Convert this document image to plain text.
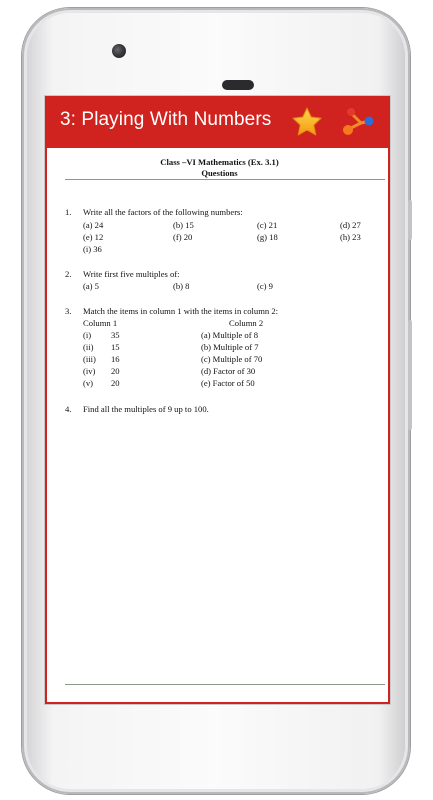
3: Playing With Numbers
Class –VI Mathematics (Ex. 3.1)
Questions
1. Write all the factors of the following numbers:
(a) 24	(b) 15	(c) 21	(d) 27
(e) 12	(f) 20	(g) 18	(h) 23
(i) 36
2. Write first five multiples of:
(a) 5	(b) 8	(c) 9
3. Match the items in column 1 with the items in column 2:
Column 1	Column 2
(i) 35	(a) Multiple of 8
(ii) 15	(b) Multiple of 7
(iii) 16	(c) Multiple of 70
(iv) 20	(d) Factor of 30
(v) 20	(e) Factor of 50
4. Find all the multiples of 9 up to 100.
